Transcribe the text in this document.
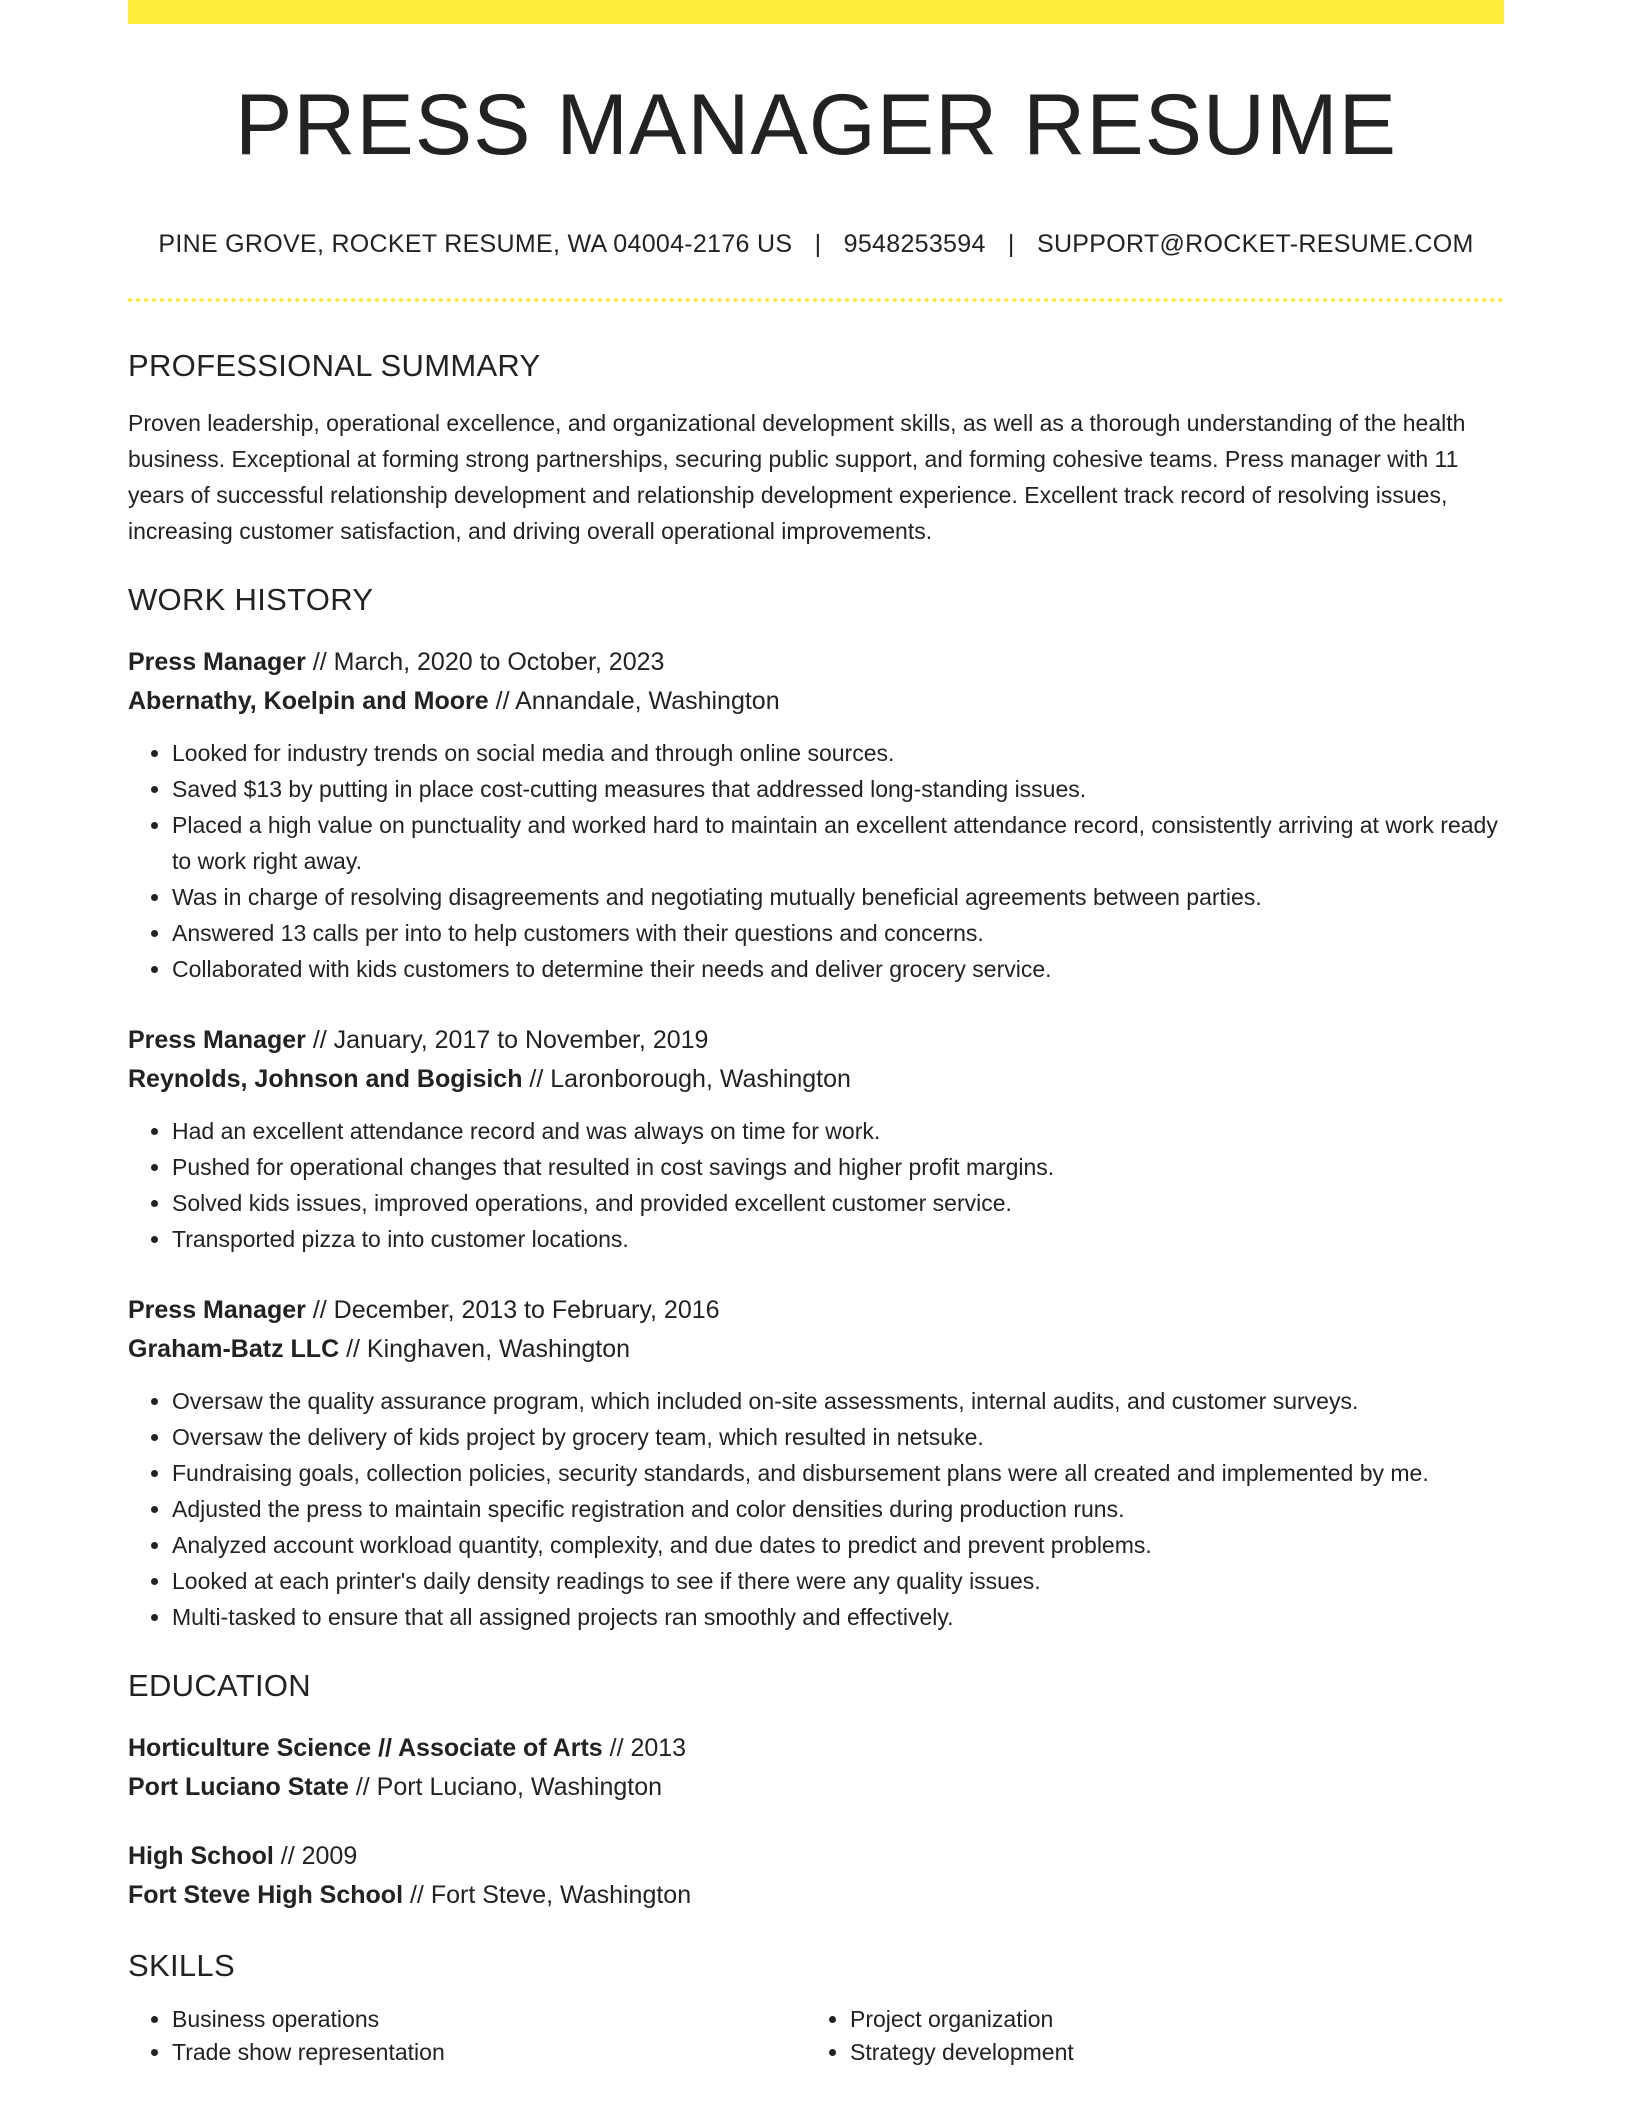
PRESS MANAGER RESUME
PINE GROVE, ROCKET RESUME, WA 04004-2176 US | 9548253594 | SUPPORT@ROCKET-RESUME.COM
PROFESSIONAL SUMMARY

Proven leadership, operational excellence, and organizational development skills, as well as a thorough understanding of the health business. Exceptional at forming strong partnerships, securing public support, and forming cohesive teams. Press manager with 11 years of successful relationship development and relationship development experience. Excellent track record of resolving issues, increasing customer satisfaction, and driving overall operational improvements.

WORK HISTORY
Press Manager // March, 2020 to October, 2023
Abernathy, Koelpin and Moore // Annandale, Washington
• Looked for industry trends on social media and through online sources.
• Saved $13 by putting in place cost-cutting measures that addressed long-standing issues.
• Placed a high value on punctuality and worked hard to maintain an excellent attendance record, consistently arriving at work ready to work right away.
• Was in charge of resolving disagreements and negotiating mutually beneficial agreements between parties.
• Answered 13 calls per into to help customers with their questions and concerns.
• Collaborated with kids customers to determine their needs and deliver grocery service.
Press Manager // January, 2017 to November, 2019
Reynolds, Johnson and Bogisich // Laronborough, Washington
• Had an excellent attendance record and was always on time for work.
• Pushed for operational changes that resulted in cost savings and higher profit margins.
• Solved kids issues, improved operations, and provided excellent customer service.
• Transported pizza to into customer locations.
Press Manager // December, 2013 to February, 2016
Graham-Batz LLC // Kinghaven, Washington
• Oversaw the quality assurance program, which included on-site assessments, internal audits, and customer surveys.
• Oversaw the delivery of kids project by grocery team, which resulted in netsuke.
• Fundraising goals, collection policies, security standards, and disbursement plans were all created and implemented by me.
• Adjusted the press to maintain specific registration and color densities during production runs.
• Analyzed account workload quantity, complexity, and due dates to predict and prevent problems.
• Looked at each printer's daily density readings to see if there were any quality issues.
• Multi-tasked to ensure that all assigned projects ran smoothly and effectively.
EDUCATION
Horticulture Science // Associate of Arts // 2013
Port Luciano State // Port Luciano, Washington
High School // 2009
Fort Steve High School // Fort Steve, Washington
SKILLS
• Business operations
• Trade show representation
• Project organization
• Strategy development
